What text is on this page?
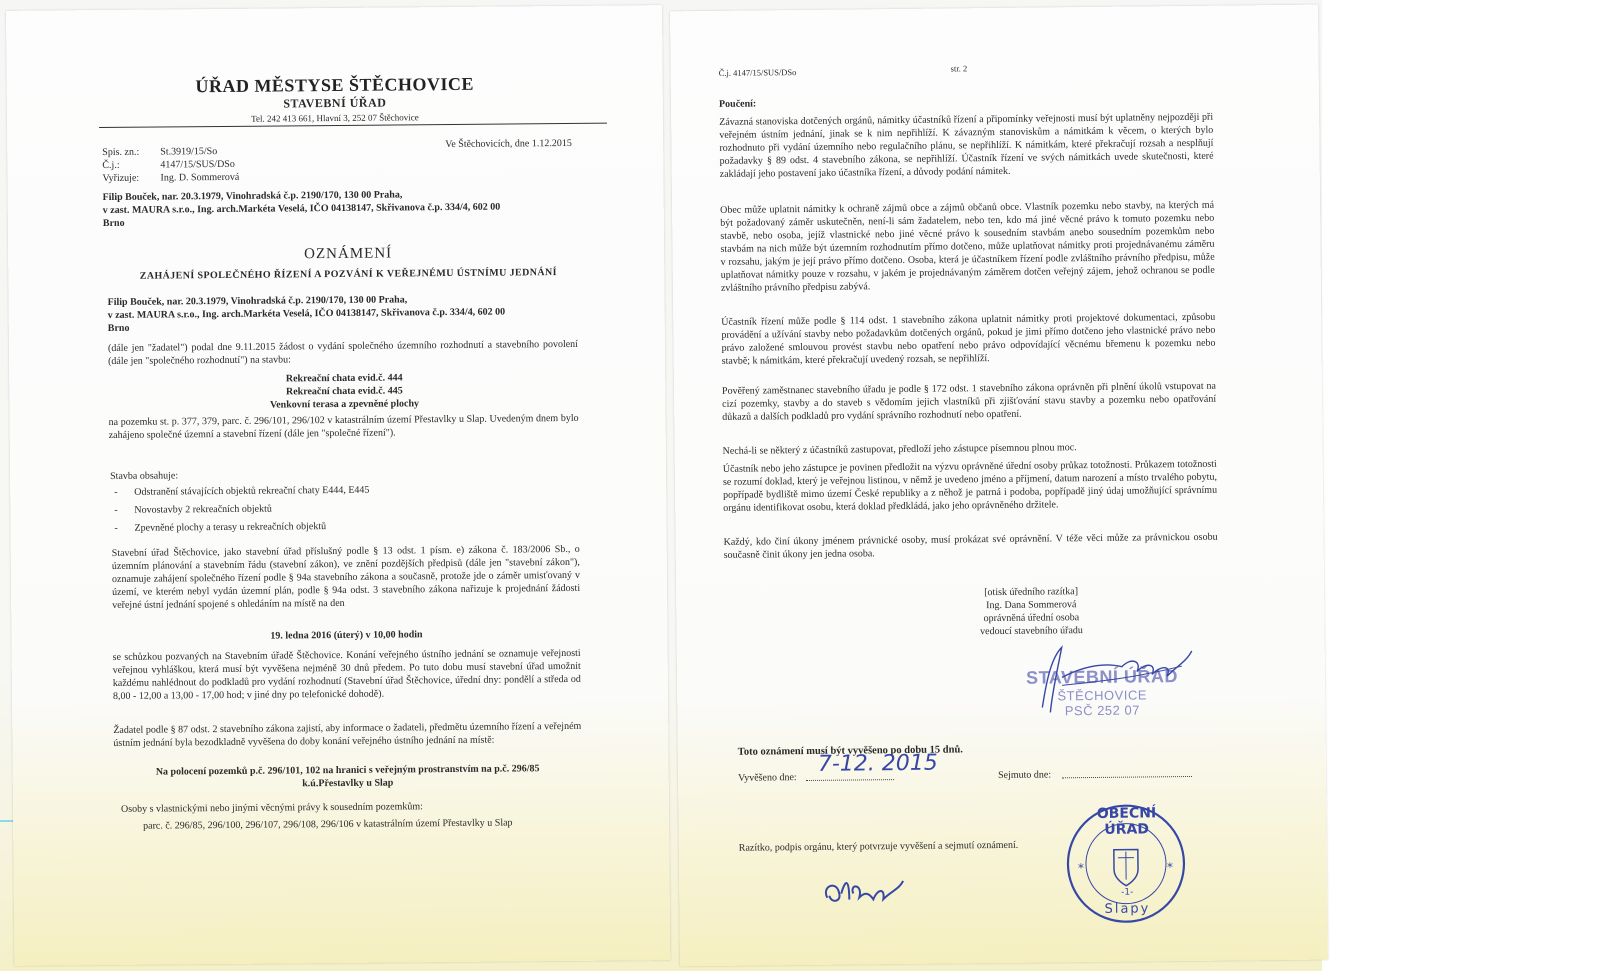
ÚŘAD MĚSTYSE ŠTĚCHOVICE
STAVEBNÍ ÚŘAD
Tel. 242 413 661, Hlavní 3, 252 07 Štěchovice
Spis. zn.: St.3919/15/So
Č.j.:	4147/15/SUS/DSo
Vyřizuje: Ing. D. Sommerová
Ve Štěchovicích, dne 1.12.2015
Filip Bouček, nar. 20.3.1979, Vinohradská č.p. 2190/170, 130 00 Praha,
v zast. MAURA s.r.o., Ing. arch.Markéta Veselá, IČO 04138147, Skřivanova č.p. 334/4, 602 00
Brno
OZNÁMENÍ
ZAHÁJENÍ SPOLEČNÉHO ŘÍZENÍ A POZVÁNÍ K VEŘEJNÉMU ÚSTNÍMU JEDNÁNÍ
Filip Bouček, nar. 20.3.1979, Vinohradská č.p. 2190/170, 130 00 Praha,
v zast. MAURA s.r.o., Ing. arch.Markéta Veselá, IČO 04138147, Skřivanova č.p. 334/4, 602 00
Brno
(dále jen "žadatel") podal dne 9.11.2015 žádost o vydání společného územního rozhodnutí a stavebního povolení (dále jen "společného rozhodnutí") na stavbu:
Rekreační chata evid.č. 444
Rekreační chata evid.č. 445
Venkovní terasa a zpevněné plochy
na pozemku st. p. 377, 379, parc. č. 296/101, 296/102 v katastrálním území Přestavlky u Slap. Uvedeným dnem bylo zahájeno společné územní a stavební řízení (dále jen "společné řízení").
Stavba obsahuje:
- Odstranění stávajících objektů rekreační chaty E444, E445
- Novostavby 2 rekreačních objektů
- Zpevněné plochy a terasy u rekreačních objektů
Stavební úřad Štěchovice, jako stavební úřad příslušný podle § 13 odst. 1 písm. e) zákona č. 183/2006 Sb., o územním plánování a stavebním řádu (stavební zákon), ve znění pozdějších předpisů (dále jen "stavební zákon"), oznamuje zahájení společného řízení podle § 94a stavebního zákona a současně, protože jde o záměr umisťovaný v území, ve kterém nebyl vydán územní plán, podle § 94a odst. 3 stavebního zákona nařizuje k projednání žádosti veřejné ústní jednání spojené s ohledáním na místě na den
19. ledna 2016 (úterý) v 10,00 hodin
se schůzkou pozvaných na Stavebním úřadě Štěchovice. Konání veřejného ústního jednání se oznamuje veřejnosti veřejnou vyhláškou, která musí být vyvěšena nejméně 30 dnů předem. Po tuto dobu musí stavební úřad umožnit každému nahlédnout do podkladů pro vydání rozhodnutí (Stavební úřad Štěchovice, úřední dny: pondělí a středa od 8,00 - 12,00 a 13,00 - 17,00 hod; v jiné dny po telefonické dohodě).
Žadatel podle § 87 odst. 2 stavebního zákona zajistí, aby informace o žadateli, předmětu územního řízení a veřejném ústním jednání byla bezodkladně vyvěšena do doby konání veřejného ústního jednání na místě:
Na polocení pozemků p.č. 296/101, 102 na hranici s veřejným prostranstvím na p.č. 296/85
k.ú.Přestavlky u Slap
Osoby s vlastnickými nebo jinými věcnými právy k sousedním pozemkům:
parc. č. 296/85, 296/100, 296/107, 296/108, 296/106 v katastrálním území Přestavlky u Slap
Č.j. 4147/15/SUS/DSo	str. 2
Poučení:
Závazná stanoviska dotčených orgánů, námitky účastníků řízení a připomínky veřejnosti musí být uplatněny nejpozději při veřejném ústním jednání, jinak se k nim nepřihlíží. K závazným stanoviskům a námitkám k věcem, o kterých bylo rozhodnuto při vydání územního nebo regulačního plánu, se nepřihlíží. K námitkám, které překračují rozsah a nesplňují požadavky § 89 odst. 4 stavebního zákona, se nepřihlíží. Účastník řízení ve svých námitkách uvede skutečnosti, které zakládají jeho postavení jako účastníka řízení, a důvody podání námitek.
Obec může uplatnit námitky k ochraně zájmů obce a zájmů občanů obce. Vlastník pozemku nebo stavby, na kterých má být požadovaný záměr uskutečněn, není-li sám žadatelem, nebo ten, kdo má jiné věcné právo k tomuto pozemku nebo stavbě, nebo osoba, jejíž vlastnické nebo jiné věcné právo k sousedním stavbám anebo sousedním pozemkům nebo stavbám na nich může být územním rozhodnutím přímo dotčeno, může uplatňovat námitky proti projednávanému záměru v rozsahu, jakým je její právo přímo dotčeno. Osoba, která je účastníkem řízení podle zvláštního právního předpisu, může uplatňovat námitky pouze v rozsahu, v jakém je projednávaným záměrem dotčen veřejný zájem, jehož ochranou se podle zvláštního právního předpisu zabývá.
Účastník řízení může podle § 114 odst. 1 stavebního zákona uplatnit námitky proti projektové dokumentaci, způsobu provádění a užívání stavby nebo požadavkům dotčených orgánů, pokud je jimi přímo dotčeno jeho vlastnické právo nebo právo založené smlouvou provést stavbu nebo opatření nebo právo odpovídající věcnému břemenu k pozemku nebo stavbě; k námitkám, které překračují uvedený rozsah, se nepřihlíží.
Pověřený zaměstnanec stavebního úřadu je podle § 172 odst. 1 stavebního zákona oprávněn při plnění úkolů vstupovat na cizí pozemky, stavby a do staveb s vědomím jejich vlastníků při zjišťování stavu stavby a pozemku nebo opatřování důkazů a dalších podkladů pro vydání správního rozhodnutí nebo opatření.
Nechá-li se některý z účastníků zastupovat, předloží jeho zástupce písemnou plnou moc.
Účastník nebo jeho zástupce je povinen předložit na výzvu oprávněné úřední osoby průkaz totožnosti. Průkazem totožnosti se rozumí doklad, který je veřejnou listinou, v němž je uvedeno jméno a příjmení, datum narození a místo trvalého pobytu, popřípadě bydliště mimo území České republiky a z něhož je patrná i podoba, popřípadě jiný údaj umožňující správnímu orgánu identifikovat osobu, která doklad předkládá, jako jeho oprávněného držitele.
Každý, kdo činí úkony jménem právnické osoby, musí prokázat své oprávnění. V téže věci může za právnickou osobu současně činit úkony jen jedna osoba.
[otisk úředního razítka]
Ing. Dana Sommerová
oprávněná úřední osoba
vedoucí stavebního úřadu
STAVEBNÍ ÚŘAD
ŠTĚCHOVICE
PSČ 252 07
Toto oznámení musí být vyvěšeno po dobu 15 dnů.
Vyvěšeno dne:
7-12. 2015	Sejmuto dne:
Razítko, podpis orgánu, který potvrzuje vyvěšení a sejmutí oznámení.
*	*
OBECNÍ ÚŘAD
Slapy
-1-
